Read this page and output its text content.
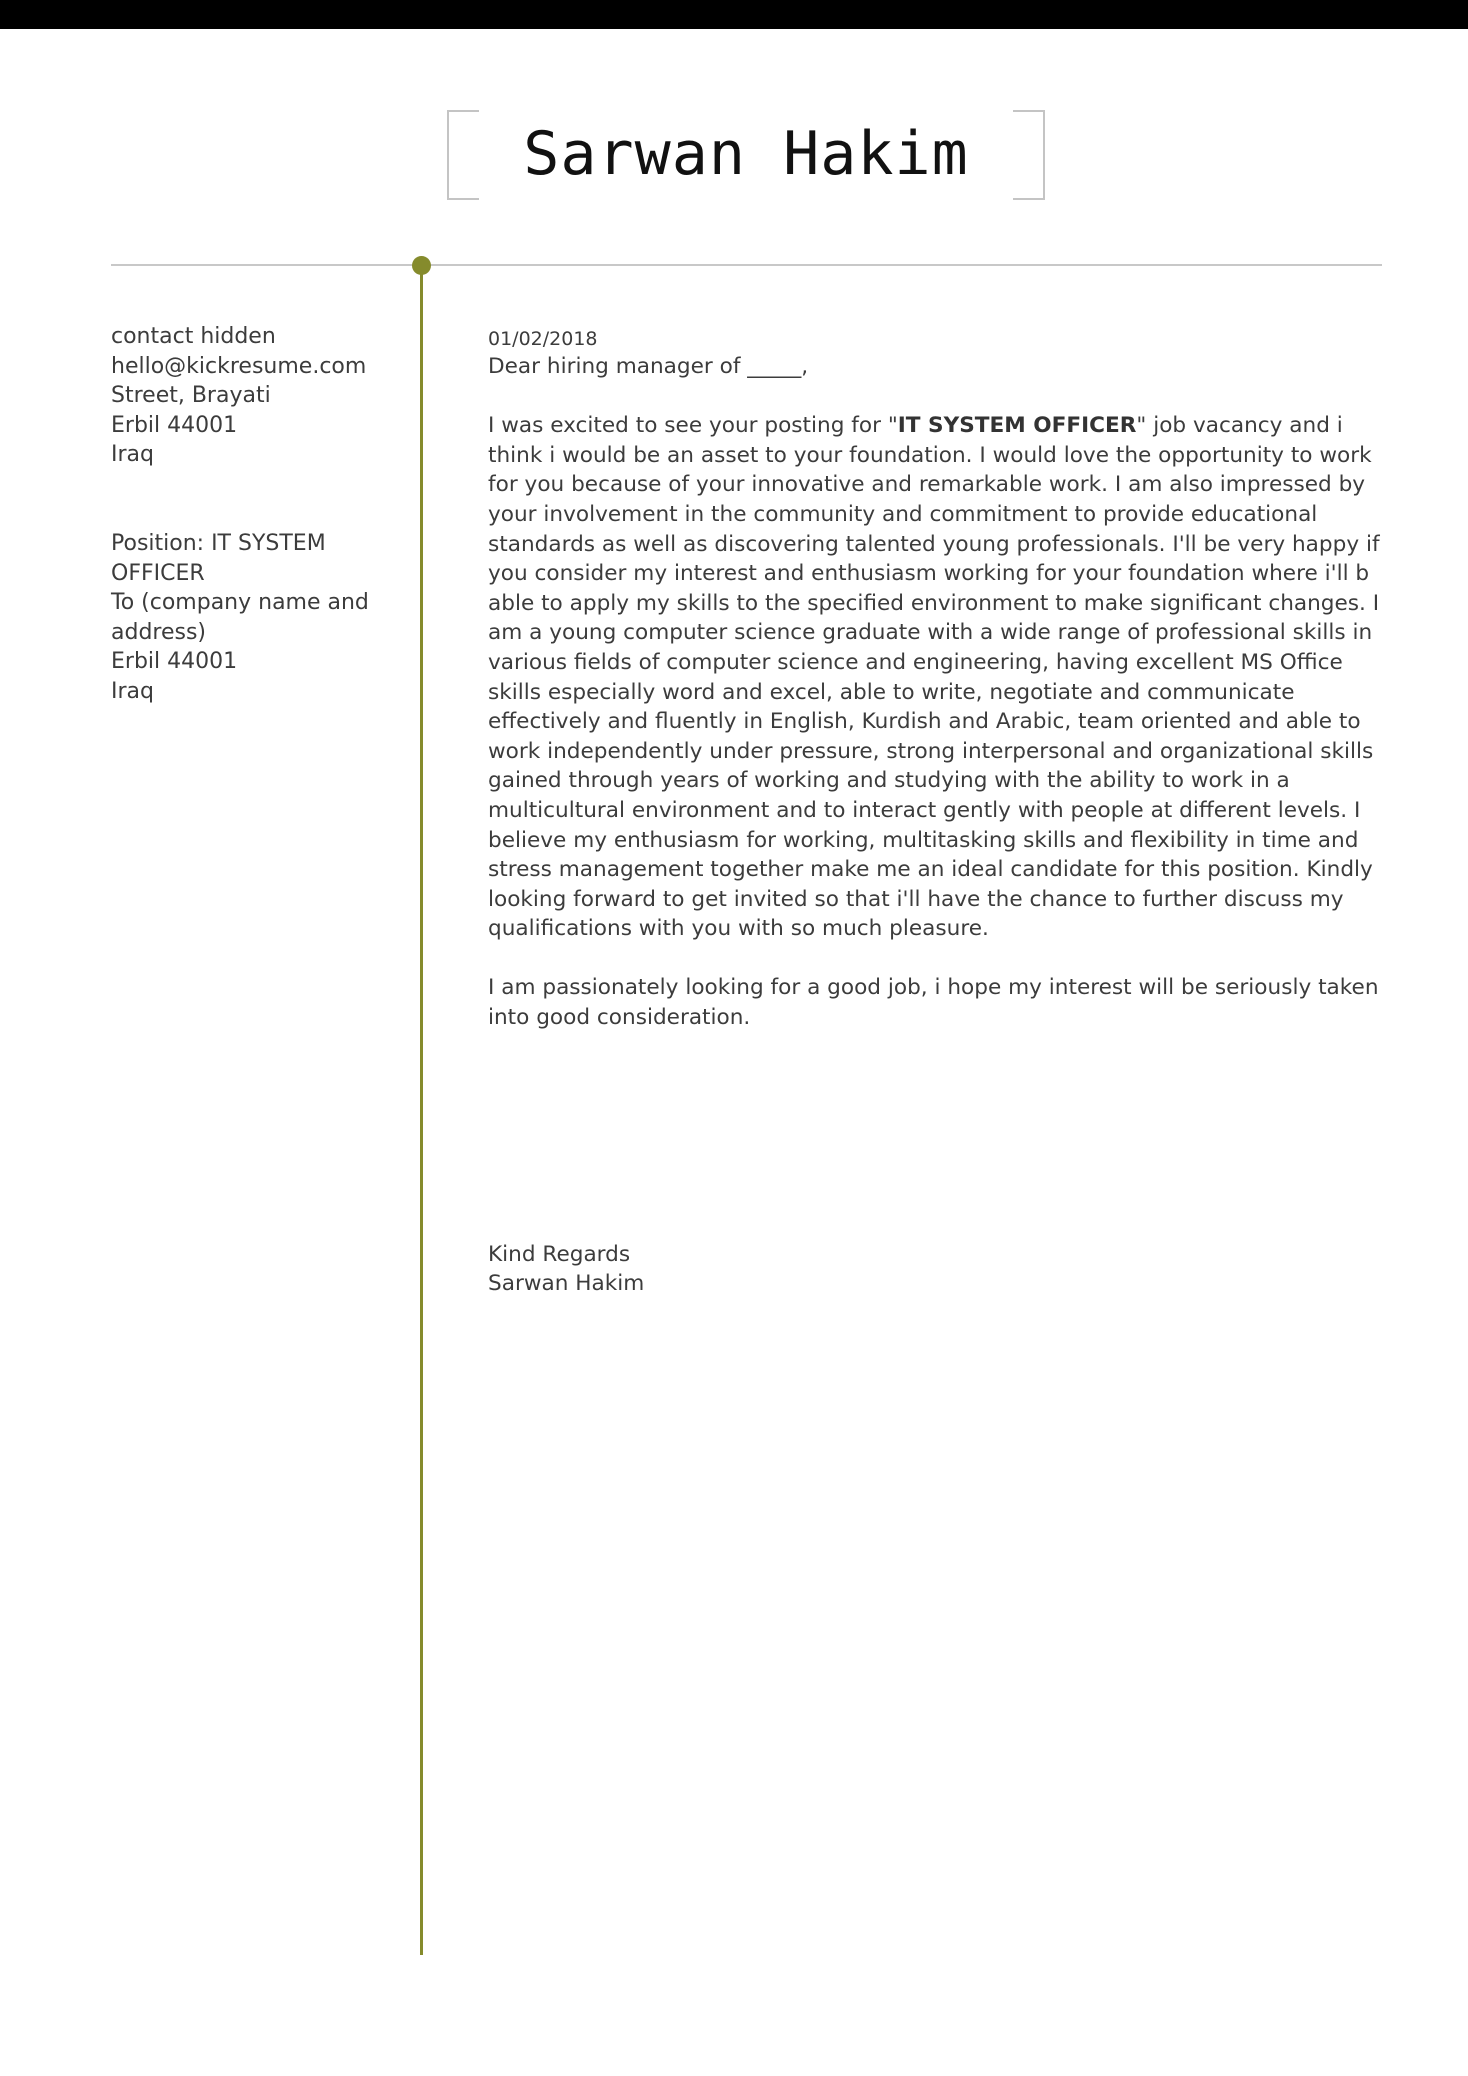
Sarwan Hakim
contact hidden
hello@kickresume.com
Street, Brayati
Erbil 44001
Iraq
Position: IT SYSTEM OFFICER
To (company name and address)
Erbil 44001
Iraq
01/02/2018
Dear hiring manager of _____,

I was excited to see your posting for "IT SYSTEM OFFICER" job vacancy and i think i would be an asset to your foundation. I would love the opportunity to work for you because of your innovative and remarkable work. I am also impressed by your involvement in the community and commitment to provide educational standards as well as discovering talented young professionals. I'll be very happy if you consider my interest and enthusiasm working for your foundation where i'll b able to apply my skills to the specified environment to make significant changes. I am a young computer science graduate with a wide range of professional skills in various fields of computer science and engineering, having excellent MS Office skills especially word and excel, able to write, negotiate and communicate effectively and fluently in English, Kurdish and Arabic, team oriented and able to work independently under pressure, strong interpersonal and organizational skills gained through years of working and studying with the ability to work in a multicultural environment and to interact gently with people at different levels. I believe my enthusiasm for working, multitasking skills and flexibility in time and stress management together make me an ideal candidate for this position. Kindly looking forward to get invited so that i'll have the chance to further discuss my qualifications with you with so much pleasure.

I am passionately looking for a good job, i hope my interest will be seriously taken into good consideration.

Kind Regards
Sarwan Hakim
